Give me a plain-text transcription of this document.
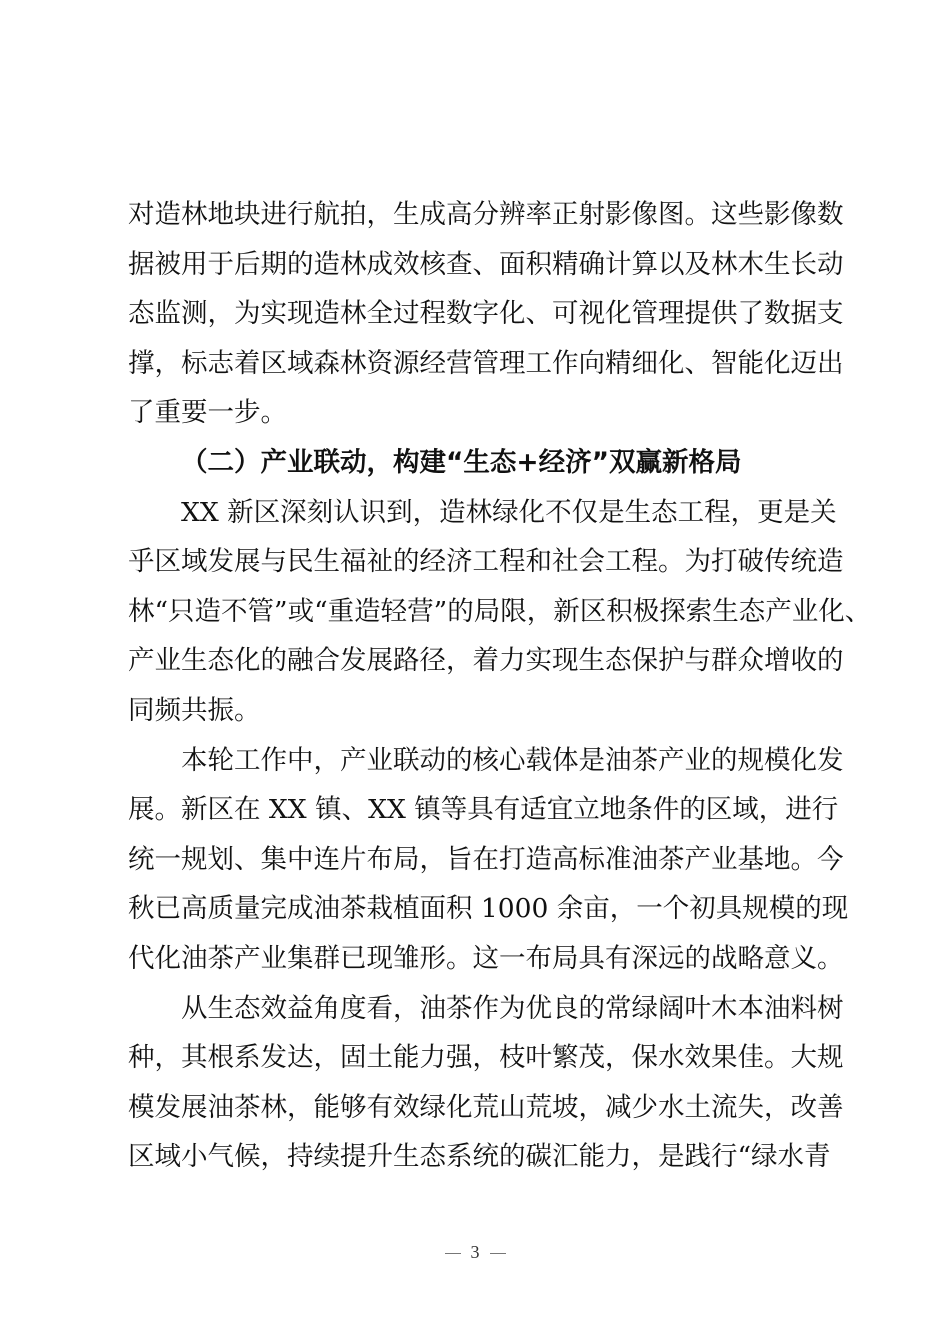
对造林地块进行航拍，生成高分辨率正射影像图。这些影像数
据被用于后期的造林成效核查、面积精确计算以及林木生长动
态监测，为实现造林全过程数字化、可视化管理提供了数据支
撑，标志着区域森林资源经营管理工作向精细化、智能化迈出
了重要一步。
（二）产业联动，构建“生态+经济”双赢新格局
XX 新区深刻认识到，造林绿化不仅是生态工程，更是关
乎区域发展与民生福祉的经济工程和社会工程。为打破传统造
林“只造不管”或“重造轻营”的局限，新区积极探索生态产业化、
产业生态化的融合发展路径，着力实现生态保护与群众增收的
同频共振。
本轮工作中，产业联动的核心载体是油茶产业的规模化发
展。新区在 XX 镇、XX 镇等具有适宜立地条件的区域，进行
统一规划、集中连片布局，旨在打造高标准油茶产业基地。今
秋已高质量完成油茶栽植面积 1000 余亩，一个初具规模的现
代化油茶产业集群已现雏形。这一布局具有深远的战略意义。
从生态效益角度看，油茶作为优良的常绿阔叶木本油料树
种，其根系发达，固土能力强，枝叶繁茂，保水效果佳。大规
模发展油茶林，能够有效绿化荒山荒坡，减少水土流失，改善
区域小气候，持续提升生态系统的碳汇能力，是践行“绿水青
3
